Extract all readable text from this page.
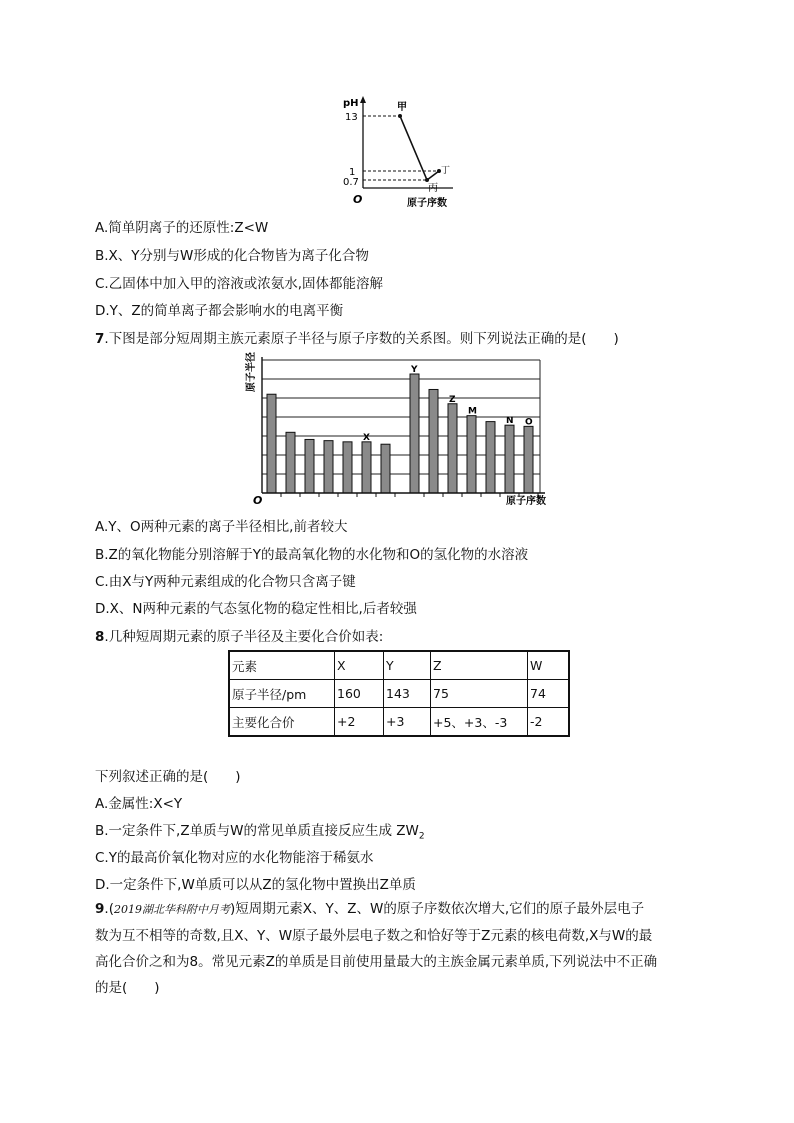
pH
O	原子序数
13
1
0.7
甲
丙
丁
A.简单阴离子的还原性:Z<W
B.X、Y分别与W形成的化合物皆为离子化合物
C.乙固体中加入甲的溶液或浓氨水,固体都能溶解
D.Y、Z的简单离子都会影响水的电离平衡
7.下图是部分短周期主族元素原子半径与原子序数的关系图。则下列说法正确的是(　　)
X
Y
Z
M
N O
原子半径
O	原子序数
A.Y、O两种元素的离子半径相比,前者较大
B.Z的氧化物能分别溶解于Y的最高氧化物的水化物和O的氢化物的水溶液
C.由X与Y两种元素组成的化合物只含离子键
D.X、N两种元素的气态氢化物的稳定性相比,后者较强
8.几种短周期元素的原子半径及主要化合价如表:
元素	X	Y	Z	W
原子半径/pm	160	143	75	74
主要化合价	+2	+3	+5、+3、-3	-2
下列叙述正确的是(　　)
A.金属性:X<Y
B.一定条件下,Z单质与W的常见单质直接反应生成 $ZW_2$
C.Y的最高价氧化物对应的水化物能溶于稀氨水
D.一定条件下,W单质可以从Z的氢化物中置换出Z单质
9.(2019湖北华科附中月考)短周期元素X、Y、Z、W的原子序数依次增大,它们的原子最外层电子
数为互不相等的奇数,且X、Y、W原子最外层电子数之和恰好等于Z元素的核电荷数,X与W的最
高化合价之和为8。常见元素Z的单质是目前使用量最大的主族金属元素单质,下列说法中不正确
的是(　　)
